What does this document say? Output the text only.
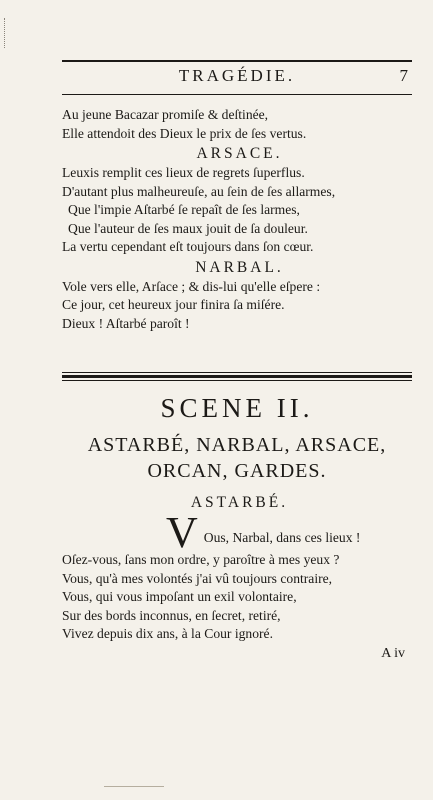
TRAGÉDIE.	7
Au jeune Bacazar promiſe & deſtinée,
Elle attendoit des Dieux le prix de ſes vertus.
ARSACE.
Leuxis remplit ces lieux de regrets ſuperflus.
D'autant plus malheureuſe, au ſein de ſes allarmes,
Que l'impie Aſtarbé ſe repaît de ſes larmes,
Que l'auteur de ſes maux jouit de ſa douleur.
La vertu cependant eſt toujours dans ſon cœur.
NARBAL.
Vole vers elle, Arſace ; & dis-lui qu'elle eſpere :
Ce jour, cet heureux jour finira ſa miſére.
Dieux ! Aſtarbé paroît !
SCENE II.
ASTARBÉ, NARBAL, ARSACE,
ORCAN, GARDES.
ASTARBÉ.
V Ous, Narbal, dans ces lieux !
Oſez-vous, ſans mon ordre, y paroître à mes yeux ?
Vous, qu'à mes volontés j'ai vû toujours contraire,
Vous, qui vous impoſant un exil volontaire,
Sur des bords inconnus, en ſecret, retiré,
Vivez depuis dix ans, à la Cour ignoré.
A iv
